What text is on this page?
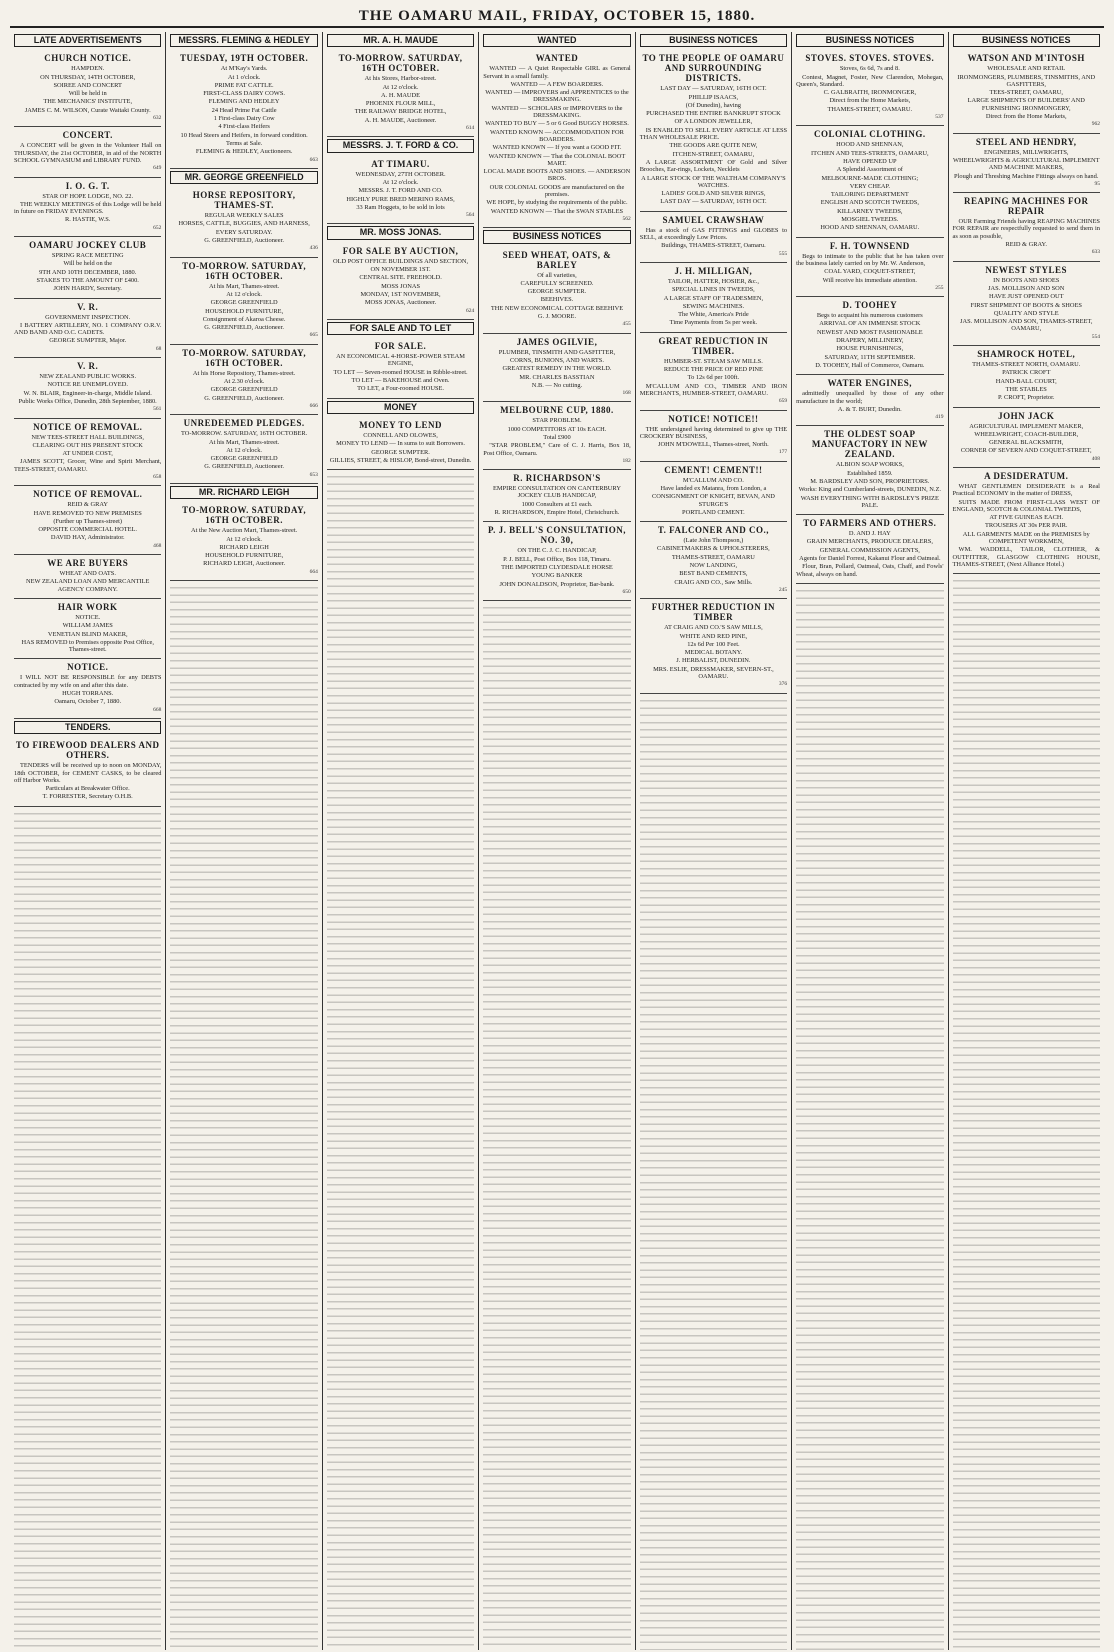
THE OAMARU MAIL, FRIDAY, OCTOBER 15, 1880.
LATE ADVERTISEMENTS
CHURCH NOTICE.
HAMPDEN.
ON THURSDAY, 14TH OCTOBER,
SOIREE AND CONCERT
Will be held in
THE MECHANICS' INSTITUTE,
JAMES C. M. WILSON, Curate Waitaki County.
632
CONCERT.
A CONCERT will be given in the Volunteer Hall on THURSDAY, the 21st OCTOBER, in aid of the NORTH SCHOOL GYMNASIUM and LIBRARY FUND.
649
I. O. G. T.
STAR OF HOPE LODGE, NO. 22.
THE WEEKLY MEETINGS of this Lodge will be held in future on FRIDAY EVENINGS.
R. HASTIE, W.S.
652
OAMARU JOCKEY CLUB
SPRING RACE MEETING
Will be held on the
9TH AND 10TH DECEMBER, 1880.
STAKES TO THE AMOUNT OF £400.
JOHN HARDY, Secretary.
V. R.
GOVERNMENT INSPECTION.
I BATTERY ARTILLERY, NO. 1 COMPANY O.R.V. AND BAND AND O.C. CADETS.
GEORGE SUMPTER, Major.
68
V. R.
NEW ZEALAND PUBLIC WORKS.
NOTICE RE UNEMPLOYED.
W. N. BLAIR, Engineer-in-charge, Middle Island.
Public Works Office, Dunedin, 28th September, 1880.
561
NOTICE OF REMOVAL.
NEW TEES-STREET HALL BUILDINGS,
CLEARING OUT HIS PRESENT STOCK
AT UNDER COST,
JAMES SCOTT, Grocer, Wine and Spirit Merchant, TEES-STREET, OAMARU.
658
NOTICE OF REMOVAL.
REID & GRAY
HAVE REMOVED TO NEW PREMISES
(Further up Thames-street)
OPPOSITE COMMERCIAL HOTEL.
DAVID HAY, Administrator.
468
WE ARE BUYERS
WHEAT AND OATS.
NEW ZEALAND LOAN AND MERCANTILE AGENCY COMPANY.
HAIR WORK
NOTICE.
WILLIAM JAMES
VENETIAN BLIND MAKER,
HAS REMOVED to Premises opposite Post Office, Thames-street.
NOTICE.
I WILL NOT BE RESPONSIBLE for any DEBTS contracted by my wife on and after this date.
HUGH TORRANS.
Oamaru, October 7, 1880.
668
TENDERS.
TO FIREWOOD DEALERS AND OTHERS.
TENDERS will be received up to noon on MONDAY, 18th OCTOBER, for CEMENT CASKS, to be cleared off Harbor Works.
Particulars at Breakwater Office.
T. FORRESTER, Secretary O.H.B.
MESSRS. FLEMING & HEDLEY
TUESDAY, 19TH OCTOBER.
At M'Kay's Yards.
At 1 o'clock.
PRIME FAT CATTLE.
FIRST-CLASS DAIRY COWS.
FLEMING AND HEDLEY
24 Head Prime Fat Cattle
1 First-class Dairy Cow
4 First-class Heifers
10 Head Steers and Heifers, in forward condition.
Terms at Sale.
FLEMING & HEDLEY, Auctioneers.
663
MR. GEORGE GREENFIELD
HORSE REPOSITORY, THAMES-ST.
REGULAR WEEKLY SALES
HORSES, CATTLE, BUGGIES, AND HARNESS,
EVERY SATURDAY.
G. GREENFIELD, Auctioneer.
436
TO-MORROW. SATURDAY, 16TH OCTOBER.
At his Mart, Thames-street.
At 12 o'clock.
GEORGE GREENFIELD
HOUSEHOLD FURNITURE,
Consignment of Akaroa Cheese.
G. GREENFIELD, Auctioneer.
665
TO-MORROW. SATURDAY, 16TH OCTOBER.
At his Horse Repository, Thames-street.
At 2.30 o'clock.
GEORGE GREENFIELD
G. GREENFIELD, Auctioneer.
666
UNREDEEMED PLEDGES.
TO-MORROW. SATURDAY, 16TH OCTOBER.
At his Mart, Thames-street.
At 12 o'clock.
GEORGE GREENFIELD
G. GREENFIELD, Auctioneer.
653
MR. RICHARD LEIGH
TO-MORROW. SATURDAY, 16TH OCTOBER.
At the New Auction Mart, Thames-street.
At 12 o'clock.
RICHARD LEIGH
HOUSEHOLD FURNITURE,
RICHARD LEIGH, Auctioneer.
664
MR. A. H. MAUDE
TO-MORROW. SATURDAY, 16TH OCTOBER.
At his Stores, Harbor-street.
At 12 o'clock.
A. H. MAUDE
PHOENIX FLOUR MILL,
THE RAILWAY BRIDGE HOTEL,
A. H. MAUDE, Auctioneer.
614
MESSRS. J. T. FORD & CO.
AT TIMARU.
WEDNESDAY, 27TH OCTOBER.
At 12 o'clock.
MESSRS. J. T. FORD AND CO.
HIGHLY PURE BRED MERINO RAMS,
33 Ram Hoggets, to be sold in lots
564
MR. MOSS JONAS.
FOR SALE BY AUCTION,
OLD POST OFFICE BUILDINGS AND SECTION,
ON NOVEMBER 1ST.
CENTRAL SITE. FREEHOLD.
MOSS JONAS
MONDAY, 1ST NOVEMBER,
MOSS JONAS, Auctioneer.
624
FOR SALE AND TO LET
FOR SALE.
AN ECONOMICAL 4-HORSE-POWER STEAM ENGINE,
TO LET — Seven-roomed HOUSE in Ribble-street.
TO LET — BAKEHOUSE and Oven.
TO LET, a Four-roomed HOUSE.
MONEY
MONEY TO LEND
CONNELL AND OLOWES,
MONEY TO LEND — In sums to suit Borrowers.
GEORGE SUMPTER.
GILLIES, STREET, & HISLOP, Bond-street, Dunedin.
WANTED
WANTED
WANTED — A Quiet Respectable GIRL as General Servant in a small family.
WANTED — A FEW BOARDERS.
WANTED — IMPROVERS and APPRENTICES to the DRESSMAKING.
WANTED — SCHOLARS or IMPROVERS to the DRESSMAKING.
WANTED TO BUY — 5 or 6 Good BUGGY HORSES.
WANTED KNOWN — ACCOMMODATION FOR BOARDERS.
WANTED KNOWN — If you want a GOOD FIT.
WANTED KNOWN — That the COLONIAL BOOT MART.
LOCAL MADE BOOTS AND SHOES. — ANDERSON BROS.
OUR COLONIAL GOODS are manufactured on the premises.
WE HOPE, by studying the requirements of the public.
WANTED KNOWN — That the SWAN STABLES
562
BUSINESS NOTICES
SEED WHEAT, OATS, & BARLEY
Of all varieties,
CAREFULLY SCREENED.
GEORGE SUMPTER.
BEEHIVES.
THE NEW ECONOMICAL COTTAGE BEEHIVE
G. J. MOORE.
455
JAMES OGILVIE,
PLUMBER, TINSMITH AND GASFITTER,
CORNS, BUNIONS, AND WARTS.
GREATEST REMEDY IN THE WORLD.
MR. CHARLES BASSTIAN
N.B. — No cutting.
168
MELBOURNE CUP, 1880.
STAR PROBLEM.
1000 COMPETITORS AT 10s EACH.
Total £900
"STAR PROBLEM," Care of C. J. Harris, Box 18, Post Office, Oamaru.
182
R. RICHARDSON'S
EMPIRE CONSULTATION ON CANTERBURY JOCKEY CLUB HANDICAP,
1000 Consulters at £1 each.
R. RICHARDSON, Empire Hotel, Christchurch.
P. J. BELL'S CONSULTATION, NO. 30,
ON THE C. J. C. HANDICAP,
P. J. BELL, Post Office, Box 118, Timaru.
THE IMPORTED CLYDESDALE HORSE
YOUNG BANKER
JOHN DONALDSON, Proprietor, Bar-bank.
650
BUSINESS NOTICES
TO THE PEOPLE OF OAMARU AND SURROUNDING DISTRICTS.
LAST DAY — SATURDAY, 16TH OCT.
PHILLIP ISAACS,
(Of Dunedin), having
PURCHASED THE ENTIRE BANKRUPT STOCK
OF A LONDON JEWELLER,
IS ENABLED TO SELL EVERY ARTICLE AT LESS THAN WHOLESALE PRICE.
THE GOODS ARE QUITE NEW,
ITCHEN-STREET, OAMARU,
A LARGE ASSORTMENT OF Gold and Silver Brooches, Ear-rings, Lockets, Necklets
A LARGE STOCK OF THE WALTHAM COMPANY'S WATCHES.
LADIES' GOLD AND SILVER RINGS,
LAST DAY — SATURDAY, 16TH OCT.
SAMUEL CRAWSHAW
Has a stock of GAS FITTINGS and GLOBES to SELL, at exceedingly Low Prices.
Buildings, THAMES-STREET, Oamaru.
555
J. H. MILLIGAN,
TAILOR, HATTER, HOSIER, &c.,
SPECIAL LINES IN TWEEDS,
A LARGE STAFF OF TRADESMEN,
SEWING MACHINES.
The White, America's Pride
Time Payments from 5s per week.
GREAT REDUCTION IN TIMBER.
HUMBER-ST. STEAM SAW MILLS.
REDUCE THE PRICE OF RED PINE
To 12s 6d per 100ft.
M'CALLUM AND CO., TIMBER AND IRON MERCHANTS, HUMBER-STREET, OAMARU.
659
NOTICE! NOTICE!!
THE undersigned having determined to give up THE CROCKERY BUSINESS,
JOHN M'DOWELL, Thames-street, North.
177
CEMENT! CEMENT!!
M'CALLUM AND CO.
Have landed ex Matanra, from London, a
CONSIGNMENT OF KNIGHT, BEVAN, AND STURGE'S
PORTLAND CEMENT.
T. FALCONER AND CO.,
(Late John Thompson,)
CABINETMAKERS & UPHOLSTERERS,
THAMES-STREET, OAMARU
NOW LANDING,
BEST BAND CEMENTS,
CRAIG AND CO., Saw Mills.
245
FURTHER REDUCTION IN TIMBER
AT CRAIG AND CO.'S SAW MILLS,
WHITE AND RED PINE,
12s 6d Per 100 Feet.
MEDICAL BOTANY.
J. HERBALIST, DUNEDIN.
MRS. ESLIE, DRESSMAKER, SEVERN-ST., OAMARU.
376
BUSINESS NOTICES
STOVES. STOVES. STOVES.
Stoves, 6s 6d, 7s and 8.
Contest, Magnet, Foster, New Clarendon, Mohegan, Queen's, Standard.
C. GALBRAITH, IRONMONGER,
Direct from the Home Markets,
THAMES-STREET, OAMARU.
537
COLONIAL CLOTHING.
HOOD AND SHENNAN,
ITCHEN AND TEES-STREETS, OAMARU,
HAVE OPENED UP
A Splendid Assortment of
MELBOURNE-MADE CLOTHING;
VERY CHEAP.
TAILORING DEPARTMENT
ENGLISH AND SCOTCH TWEEDS,
KILLARNEY TWEEDS,
MOSGIEL TWEEDS.
HOOD AND SHENNAN, OAMARU.
F. H. TOWNSEND
Begs to intimate to the public that he has taken over the business lately carried on by Mr. W. Anderson,
COAL YARD, COQUET-STREET,
Will receive his immediate attention.
255
D. TOOHEY
Begs to acquaint his numerous customers
ARRIVAL OF AN IMMENSE STOCK
NEWEST AND MOST FASHIONABLE
DRAPERY, MILLINERY,
HOUSE FURNISHINGS,
SATURDAY, 11TH SEPTEMBER.
D. TOOHEY, Hall of Commerce, Oamaru.
WATER ENGINES,
admittedly unequalled by those of any other manufacture in the world;
A. & T. BURT, Dunedin.
419
THE OLDEST SOAP MANUFACTORY IN NEW ZEALAND.
ALBION SOAP WORKS,
Established 1859.
M. BARDSLEY AND SON, PROPRIETORS.
Works: King and Cumberland-streets, DUNEDIN, N.Z.
WASH EVERYTHING WITH BARDSLEY'S PRIZE PALE.
TO FARMERS AND OTHERS.
D. AND J. HAY
GRAIN MERCHANTS, PRODUCE DEALERS,
GENERAL COMMISSION AGENTS,
Agents for Daniel Forrest, Kakanui Flour and Oatmeal.
Flour, Bran, Pollard, Oatmeal, Oats, Chaff, and Fowls' Wheat, always on hand.
BUSINESS NOTICES
WATSON AND M'INTOSH
WHOLESALE AND RETAIL
IRONMONGERS, PLUMBERS, TINSMITHS, AND GASFITTERS,
TEES-STREET, OAMARU,
LARGE SHIPMENTS OF BUILDERS' AND FURNISHING IRONMONGERY,
Direct from the Home Markets,
962
STEEL AND HENDRY,
ENGINEERS, MILLWRIGHTS,
WHEELWRIGHTS & AGRICULTURAL IMPLEMENT AND MACHINE MAKERS,
Plough and Threshing Machine Fittings always on hand.
95
REAPING MACHINES FOR REPAIR
OUR Farming Friends having REAPING MACHINES FOR REPAIR are respectfully requested to send them in as soon as possible,
REID & GRAY.
633
NEWEST STYLES
IN BOOTS AND SHOES
JAS. MOLLISON AND SON
HAVE JUST OPENED OUT
FIRST SHIPMENT OF BOOTS & SHOES
QUALITY AND STYLE
JAS. MOLLISON AND SON, THAMES-STREET, OAMARU,
554
SHAMROCK HOTEL,
THAMES-STREET NORTH, OAMARU.
PATRICK CROFT
HAND-BALL COURT,
THE STABLES
P. CROFT, Proprietor.
JOHN JACK
AGRICULTURAL IMPLEMENT MAKER,
WHEELWRIGHT, COACH-BUILDER,
GENERAL BLACKSMITH,
CORNER OF SEVERN AND COQUET-STREET,
408
A DESIDERATUM.
WHAT GENTLEMEN DESIDERATE is a Real Practical ECONOMY in the matter of DRESS,
SUITS MADE FROM FIRST-CLASS WEST OF ENGLAND, SCOTCH & COLONIAL TWEEDS,
AT FIVE GUINEAS EACH.
TROUSERS AT 30s PER PAIR.
ALL GARMENTS MADE on the PREMISES by COMPETENT WORKMEN,
WM. WADDELL, TAILOR, CLOTHIER, & OUTFITTER, GLASGOW CLOTHING HOUSE, THAMES-STREET, (Next Alliance Hotel.)
